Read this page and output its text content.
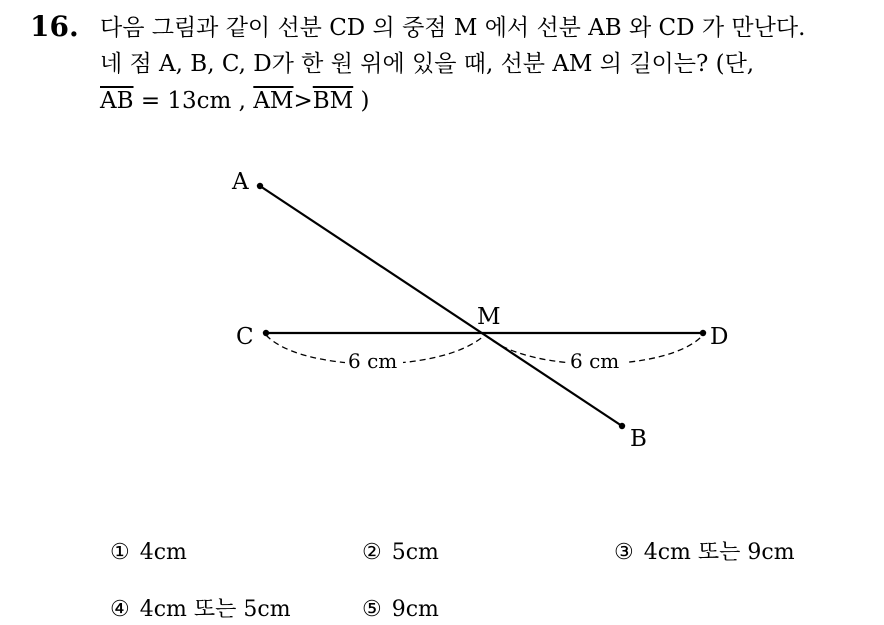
16. 다음 그림과 같이 선분 CD 의 중점 M 에서 선분 AB 와 CD 가 만난다.
네 점 A, B, C, D가 한 원 위에 있을 때, 선분 AM 의 길이는? (단,
$\overline{AB} = 13cm$ , $\overline{AM}>\overline{BM}$ )
A
B
C	D
M
6 cm	6 cm
① 4cm	② 5cm	③ 4cm 또는 9cm
④ 4cm 또는 5cm	⑤ 9cm
